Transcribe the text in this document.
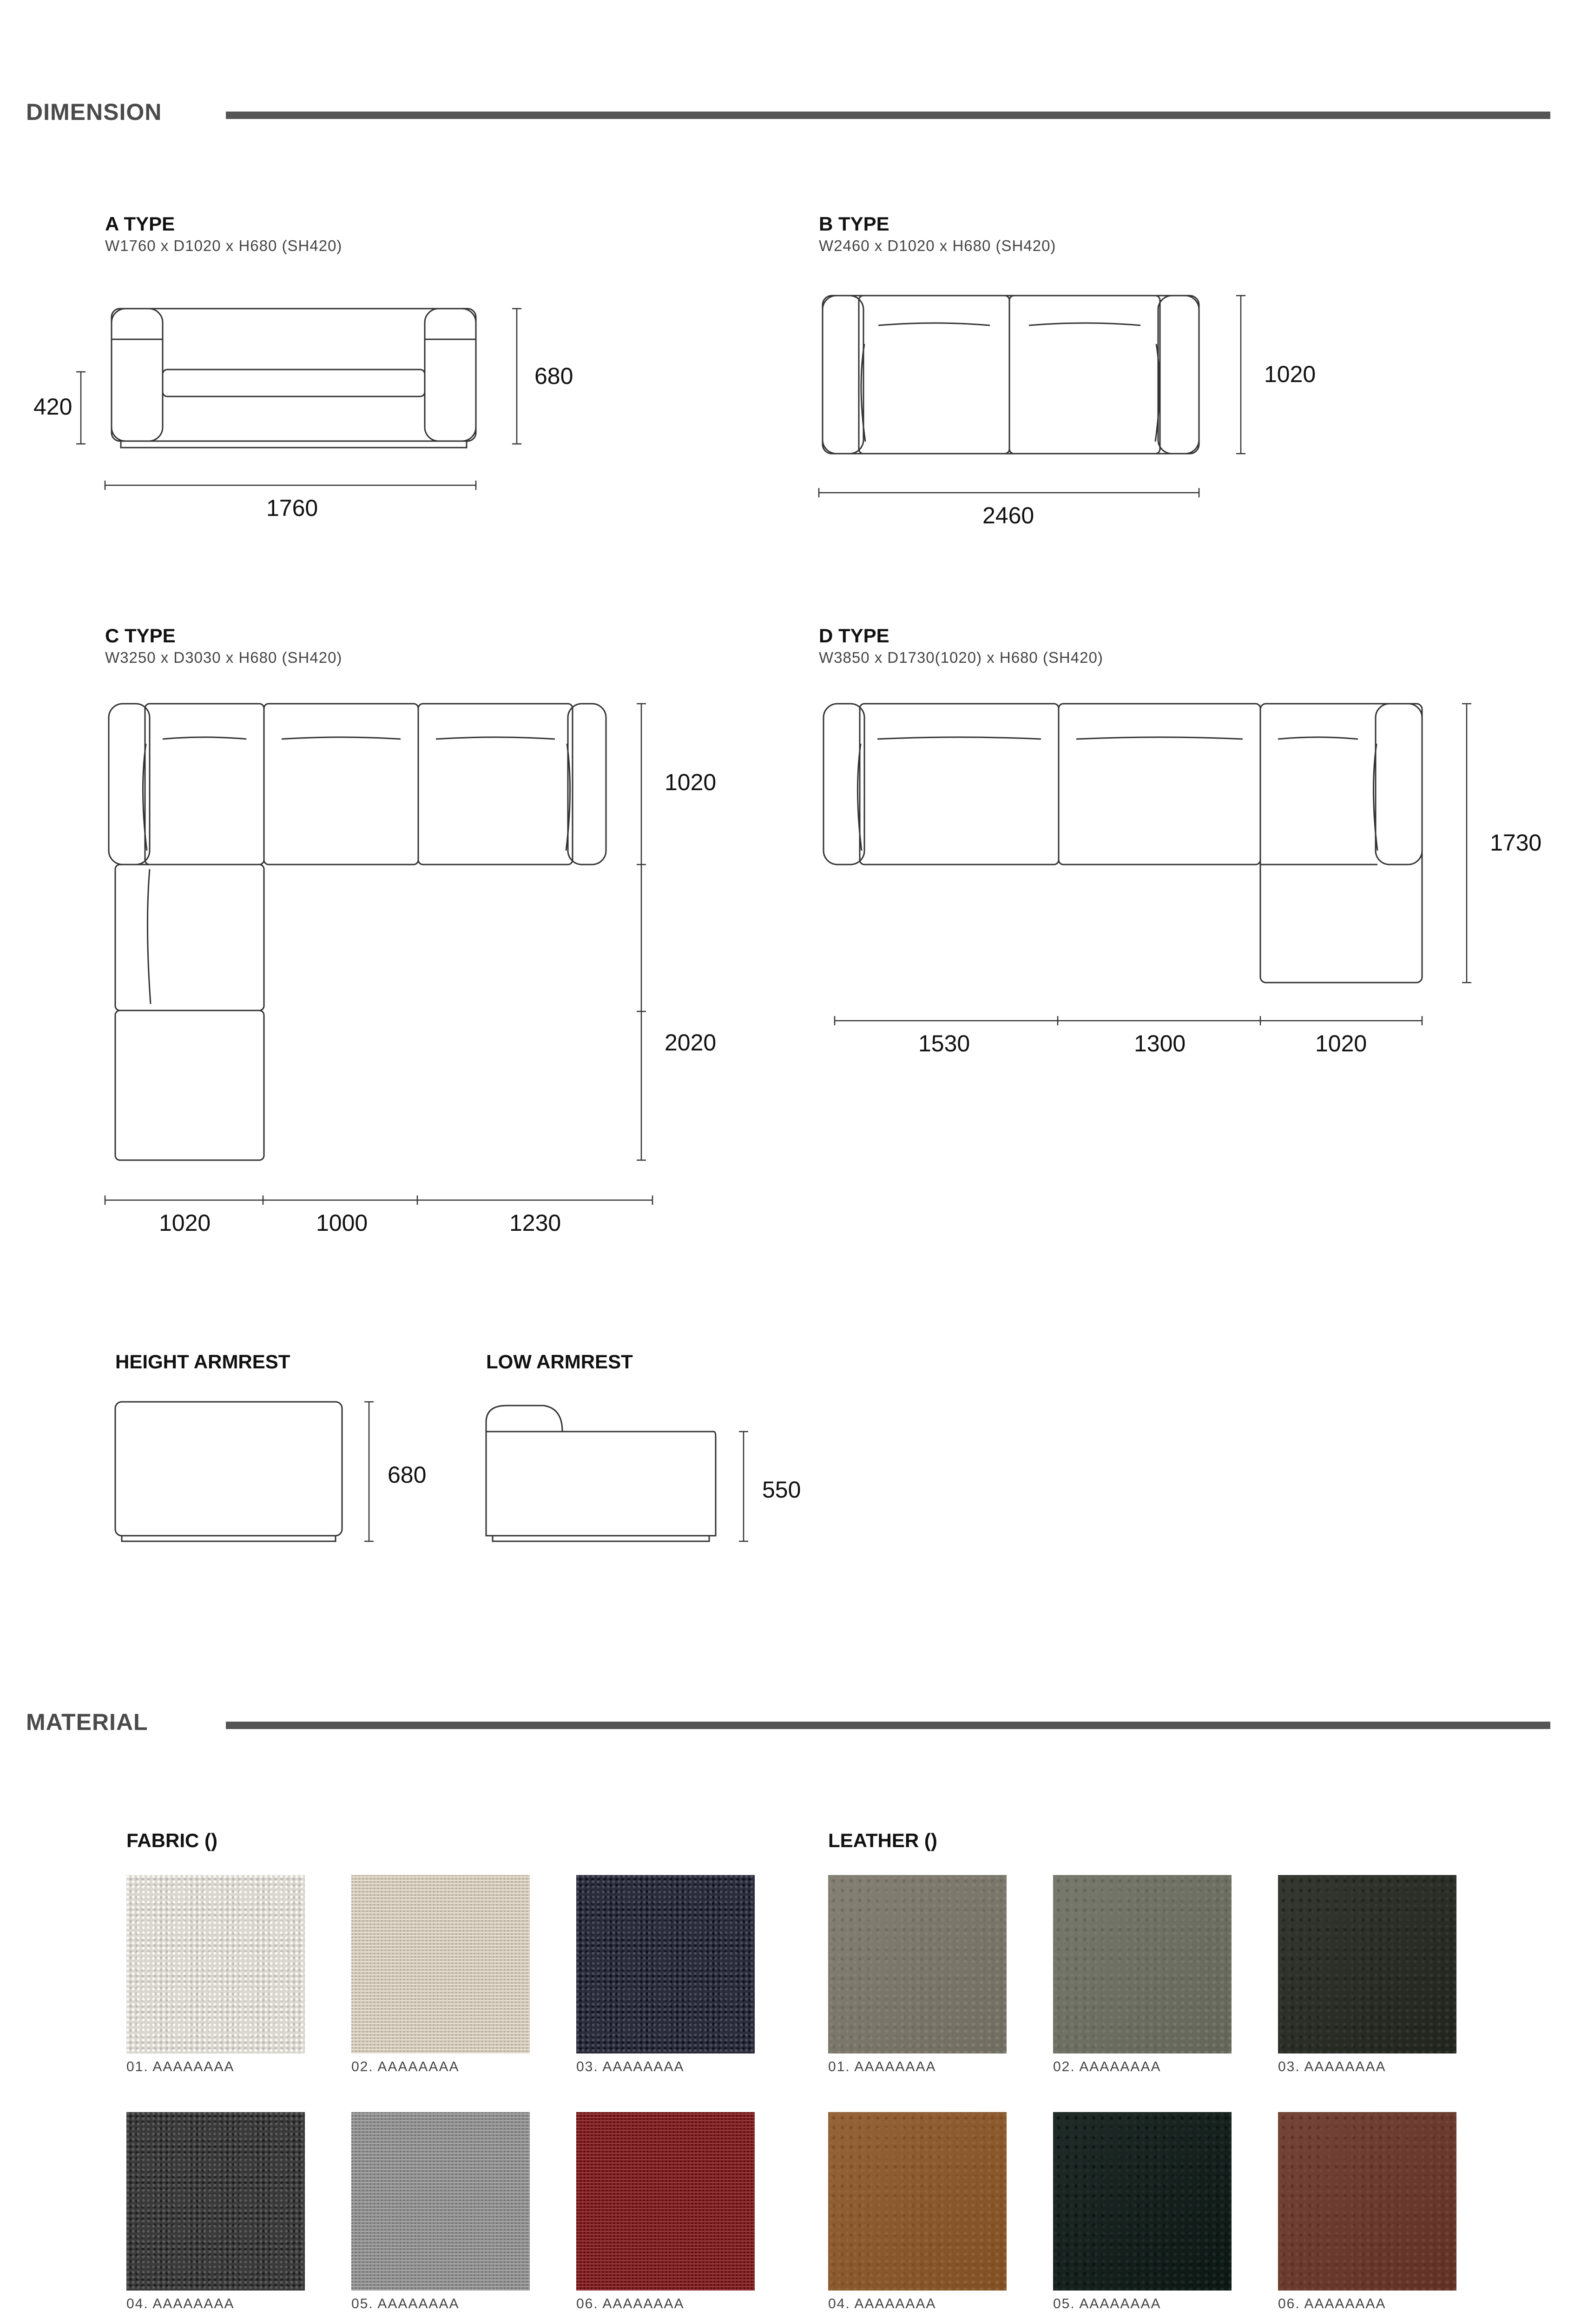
DIMENSION
A TYPE
W1760 x D1020 x H680 (SH420)
420
680
1760
B TYPE
W2460 x D1020 x H680 (SH420)
1020
2460
C TYPE
W3250 x D3030 x H680 (SH420)
1020
2020
1020	1000	1230
D TYPE
W3850 x D1730(1020) x H680 (SH420)
1730
1530	1300	1020
HEIGHT ARMREST	LOW ARMREST
680
550
MATERIAL
FABRIC ()	LEATHER ()
01. AAAAAAAA	02. AAAAAAAA	03. AAAAAAAA
04. AAAAAAAA	05. AAAAAAAA	06. AAAAAAAA
01. AAAAAAAA	02. AAAAAAAA	03. AAAAAAAA
04. AAAAAAAA	05. AAAAAAAA	06. AAAAAAAA
